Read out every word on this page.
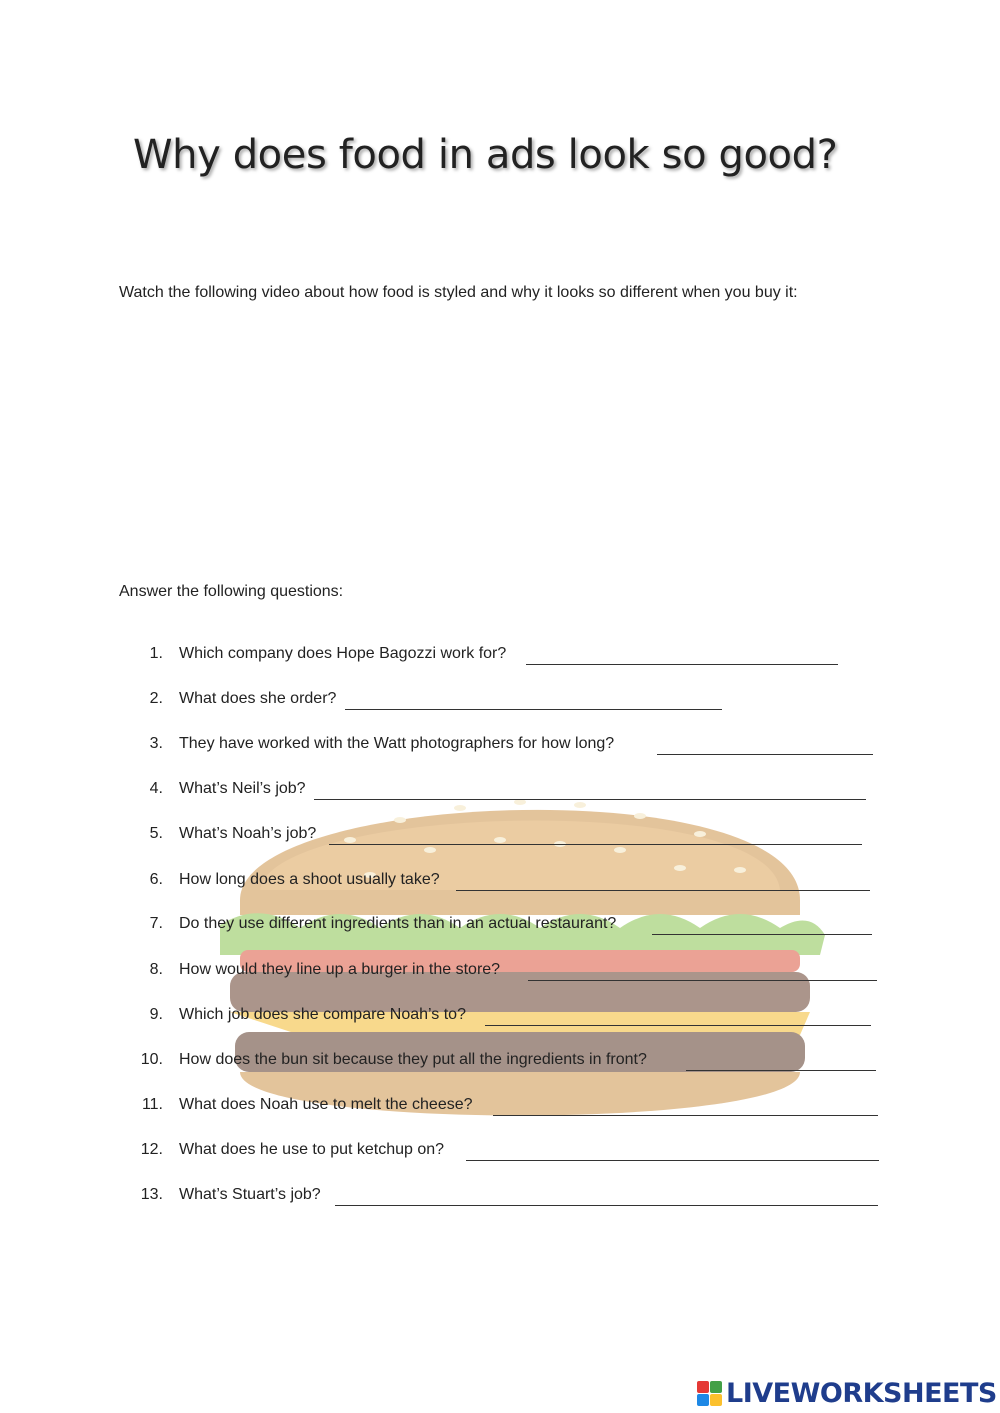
Why does food in ads look so good?
Watch the following video about how food is styled and why it looks so different when you buy it:
Answer the following questions:
1. Which company does Hope Bagozzi work for?
2. What does she order?
3. They have worked with the Watt photographers for how long?
4. What’s Neil’s job?
5. What’s Noah’s job?
6. How long does a shoot usually take?
7. Do they use different ingredients than in an actual restaurant?
8. How would they line up a burger in the store?
9. Which job does she compare Noah’s to?
10. How does the bun sit because they put all the ingredients in front?
11. What does Noah use to melt the cheese?
12. What does he use to put ketchup on?
13. What’s Stuart’s job?
LIVEWORKSHEETS
